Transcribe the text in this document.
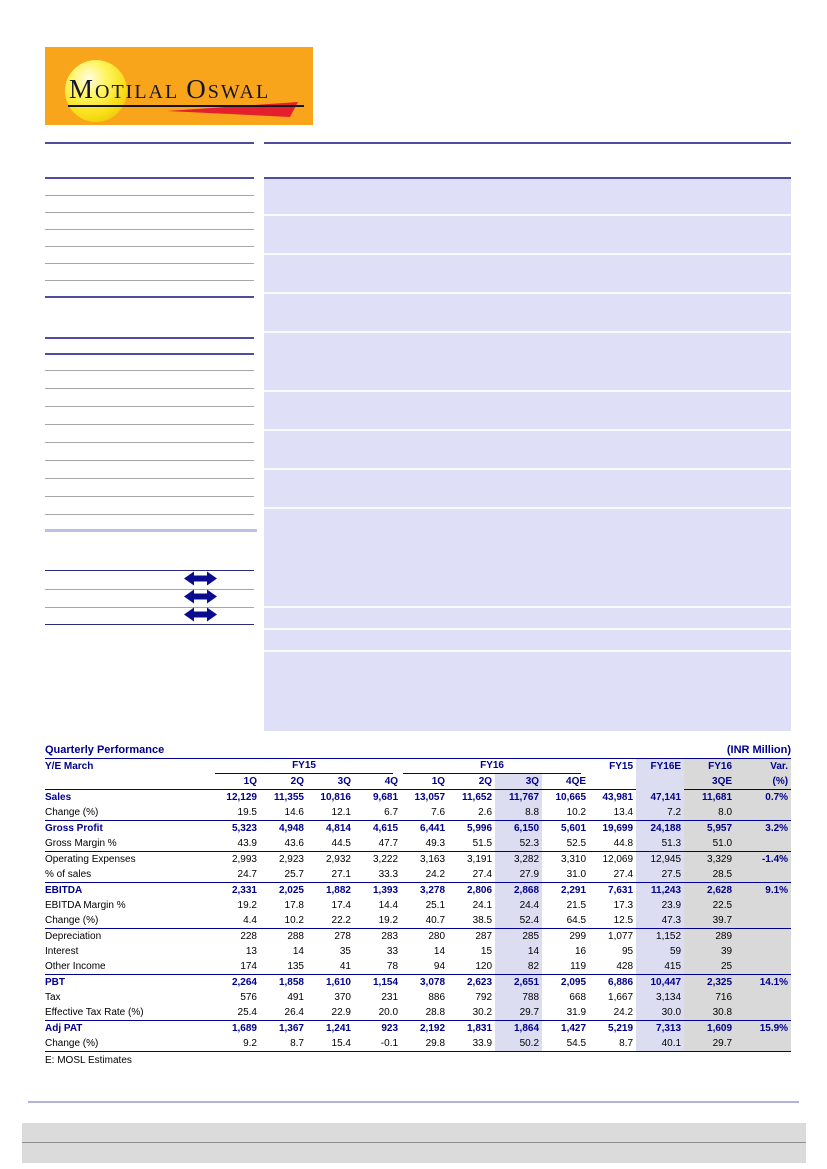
MOTILAL OSWAL
Quarterly Performance	(INR Million)
Y/E March	FY15				FY16				FY15	FY16E	FY16	Var.
	1Q	2Q	3Q	4Q	1Q	2Q	3Q	4QE			3QE	(%)
Sales	12,129	11,355	10,816	9,681	13,057	11,652	11,767	10,665	43,981	47,141	11,681	0.7%
Change (%)	19.5	14.6	12.1	6.7	7.6	2.6	8.8	10.2	13.4	7.2	8.0	
Gross Profit	5,323	4,948	4,814	4,615	6,441	5,996	6,150	5,601	19,699	24,188	5,957	3.2%
Gross Margin %	43.9	43.6	44.5	47.7	49.3	51.5	52.3	52.5	44.8	51.3	51.0	
Operating Expenses	2,993	2,923	2,932	3,222	3,163	3,191	3,282	3,310	12,069	12,945	3,329	-1.4%
% of sales	24.7	25.7	27.1	33.3	24.2	27.4	27.9	31.0	27.4	27.5	28.5	
EBITDA	2,331	2,025	1,882	1,393	3,278	2,806	2,868	2,291	7,631	11,243	2,628	9.1%
EBITDA Margin %	19.2	17.8	17.4	14.4	25.1	24.1	24.4	21.5	17.3	23.9	22.5	
Change (%)	4.4	10.2	22.2	19.2	40.7	38.5	52.4	64.5	12.5	47.3	39.7	
Depreciation	228	288	278	283	280	287	285	299	1,077	1,152	289	
Interest	13	14	35	33	14	15	14	16	95	59	39	
Other Income	174	135	41	78	94	120	82	119	428	415	25	
PBT	2,264	1,858	1,610	1,154	3,078	2,623	2,651	2,095	6,886	10,447	2,325	14.1%
Tax	576	491	370	231	886	792	788	668	1,667	3,134	716	
Effective Tax Rate (%)	25.4	26.4	22.9	20.0	28.8	30.2	29.7	31.9	24.2	30.0	30.8	
Adj PAT	1,689	1,367	1,241	923	2,192	1,831	1,864	1,427	5,219	7,313	1,609	15.9%
Change (%)	9.2	8.7	15.4	-0.1	29.8	33.9	50.2	54.5	8.7	40.1	29.7	
E: MOSL Estimates
